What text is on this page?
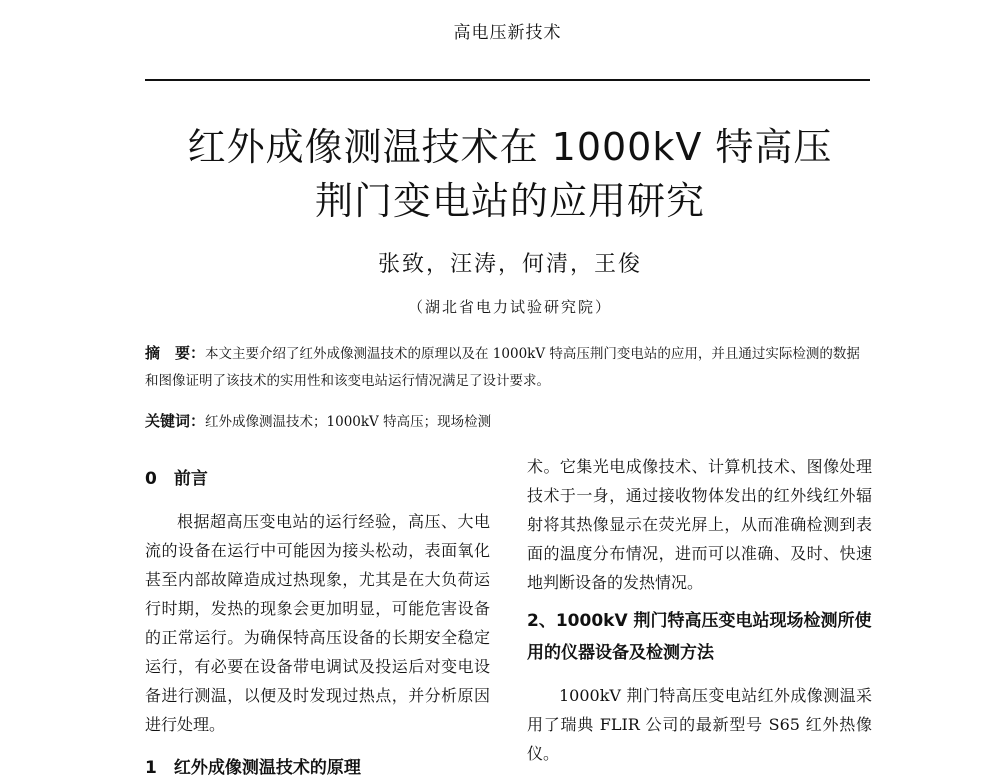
高电压新技术
红外成像测温技术在 1000kV 特高压
荆门变电站的应用研究
张致，汪涛，何清，王俊
（湖北省电力试验研究院）
摘　要：本文主要介绍了红外成像测温技术的原理以及在 1000kV 特高压荆门变电站的应用，并且通过实际检测的数据和图像证明了该技术的实用性和该变电站运行情况满足了设计要求。
关键词：红外成像测温技术；1000kV 特高压；现场检测
0　前言

根据超高压变电站的运行经验，高压、大电流的设备在运行中可能因为接头松动，表面氧化甚至内部故障造成过热现象，尤其是在大负荷运行时期，发热的现象会更加明显，可能危害设备的正常运行。为确保特高压设备的长期安全稳定运行，有必要在设备带电调试及投运后对变电设备进行测温，以便及时发现过热点，并分析原因进行处理。

1　红外成像测温技术的原理

术。它集光电成像技术、计算机技术、图像处理技术于一身，通过接收物体发出的红外线红外辐射将其热像显示在荧光屏上，从而准确检测到表面的温度分布情况，进而可以准确、及时、快速地判断设备的发热情况。

2、1000kV 荆门特高压变电站现场检测所使用的仪器设备及检测方法

1000kV 荆门特高压变电站红外成像测温采用了瑞典 FLIR 公司的最新型号 S65 红外热像仪。
